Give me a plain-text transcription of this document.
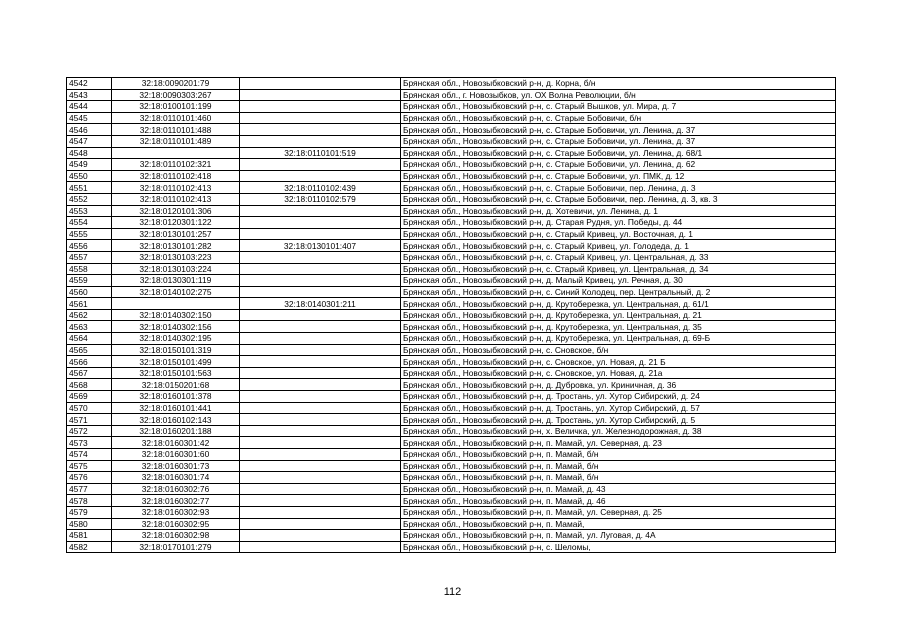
4542	32:18:0090201:79		Брянская обл., Новозыбковский р-н, д. Корна, б/н
4543	32:18:0090303:267		Брянская обл., г. Новозыбков, ул. ОХ Волна Революции, б/н
4544	32:18:0100101:199		Брянская обл., Новозыбковский р-н, с. Старый Вышков, ул. Мира, д. 7
4545	32:18:0110101:460		Брянская обл., Новозыбковский р-н, с. Старые Бобовичи, б/н
4546	32:18:0110101:488		Брянская обл., Новозыбковский р-н, с. Старые Бобовичи, ул. Ленина, д. 37
4547	32:18:0110101:489		Брянская обл., Новозыбковский р-н, с. Старые Бобовичи, ул. Ленина, д. 37
4548		32:18:0110101:519	Брянская обл., Новозыбковский р-н, с. Старые Бобовичи, ул. Ленина, д. 68/1
4549	32:18:0110102:321		Брянская обл., Новозыбковский р-н, с. Старые Бобовичи, ул. Ленина, д. 62
4550	32:18:0110102:418		Брянская обл., Новозыбковский р-н, с. Старые Бобовичи, ул. ПМК, д. 12
4551	32:18:0110102:413	32:18:0110102:439	Брянская обл., Новозыбковский р-н, с. Старые Бобовичи, пер. Ленина, д. 3
4552	32:18:0110102:413	32:18:0110102:579	Брянская обл., Новозыбковский р-н, с. Старые Бобовичи, пер. Ленина, д. 3, кв. 3
4553	32:18:0120101:306		Брянская обл., Новозыбковский р-н, д. Хотевичи, ул. Ленина, д. 1
4554	32:18:0120301:122		Брянская обл., Новозыбковский р-н, д. Старая Рудня, ул. Победы, д. 44
4555	32:18:0130101:257		Брянская обл., Новозыбковский р-н, с. Старый Кривец, ул. Восточная, д. 1
4556	32:18:0130101:282	32:18:0130101:407	Брянская обл., Новозыбковский р-н, с. Старый Кривец, ул. Голодеда, д. 1
4557	32:18:0130103:223		Брянская обл., Новозыбковский р-н, с. Старый Кривец, ул. Центральная, д. 33
4558	32:18:0130103:224		Брянская обл., Новозыбковский р-н, с. Старый Кривец, ул. Центральная, д. 34
4559	32:18:0130301:119		Брянская обл., Новозыбковский р-н, д. Малый Кривец, ул. Речная, д. 30
4560	32:18:0140102:275		Брянская обл., Новозыбковский р-н, с. Синий Колодец, пер. Центральный, д. 2
4561		32:18:0140301:211	Брянская обл., Новозыбковский р-н, д. Крутоберезка, ул. Центральная, д. 61/1
4562	32:18:0140302:150		Брянская обл., Новозыбковский р-н, д. Крутоберезка, ул. Центральная, д. 21
4563	32:18:0140302:156		Брянская обл., Новозыбковский р-н, д. Крутоберезка, ул. Центральная, д. 35
4564	32:18:0140302:195		Брянская обл., Новозыбковский р-н, д. Крутоберезка, ул. Центральная, д. 69-Б
4565	32:18:0150101:319		Брянская обл., Новозыбковский р-н, с. Сновское, б/н
4566	32:18:0150101:499		Брянская обл., Новозыбковский р-н, с. Сновское, ул. Новая, д. 21 Б
4567	32:18:0150101:563		Брянская обл., Новозыбковский р-н, с. Сновское, ул. Новая, д. 21а
4568	32:18:0150201:68		Брянская обл., Новозыбковский р-н, д. Дубровка, ул. Криничная, д. 36
4569	32:18:0160101:378		Брянская обл., Новозыбковский р-н, д. Тростань, ул. Хутор Сибирский, д. 24
4570	32:18:0160101:441		Брянская обл., Новозыбковский р-н, д. Тростань, ул. Хутор Сибирский, д. 57
4571	32:18:0160102:143		Брянская обл., Новозыбковский р-н, д. Тростань, ул. Хутор Сибирский, д. 5
4572	32:18:0160201:188		Брянская обл., Новозыбковский р-н, х. Величка, ул. Железнодорожная, д. 38
4573	32:18:0160301:42		Брянская обл., Новозыбковский р-н, п. Мамай, ул. Северная, д. 23
4574	32:18:0160301:60		Брянская обл., Новозыбковский р-н, п. Мамай, б/н
4575	32:18:0160301:73		Брянская обл., Новозыбковский р-н, п. Мамай, б/н
4576	32:18:0160301:74		Брянская обл., Новозыбковский р-н, п. Мамай, б/н
4577	32:18:0160302:76		Брянская обл., Новозыбковский р-н, п. Мамай, д. 43
4578	32:18:0160302:77		Брянская обл., Новозыбковский р-н, п. Мамай, д. 46
4579	32:18:0160302:93		Брянская обл., Новозыбковский р-н, п. Мамай, ул. Северная, д. 25
4580	32:18:0160302:95		Брянская обл., Новозыбковский р-н, п. Мамай,
4581	32:18:0160302:98		Брянская обл., Новозыбковский р-н, п. Мамай, ул. Луговая, д. 4А
4582	32:18:0170101:279		Брянская обл., Новозыбковский р-н, с. Шеломы,
112
